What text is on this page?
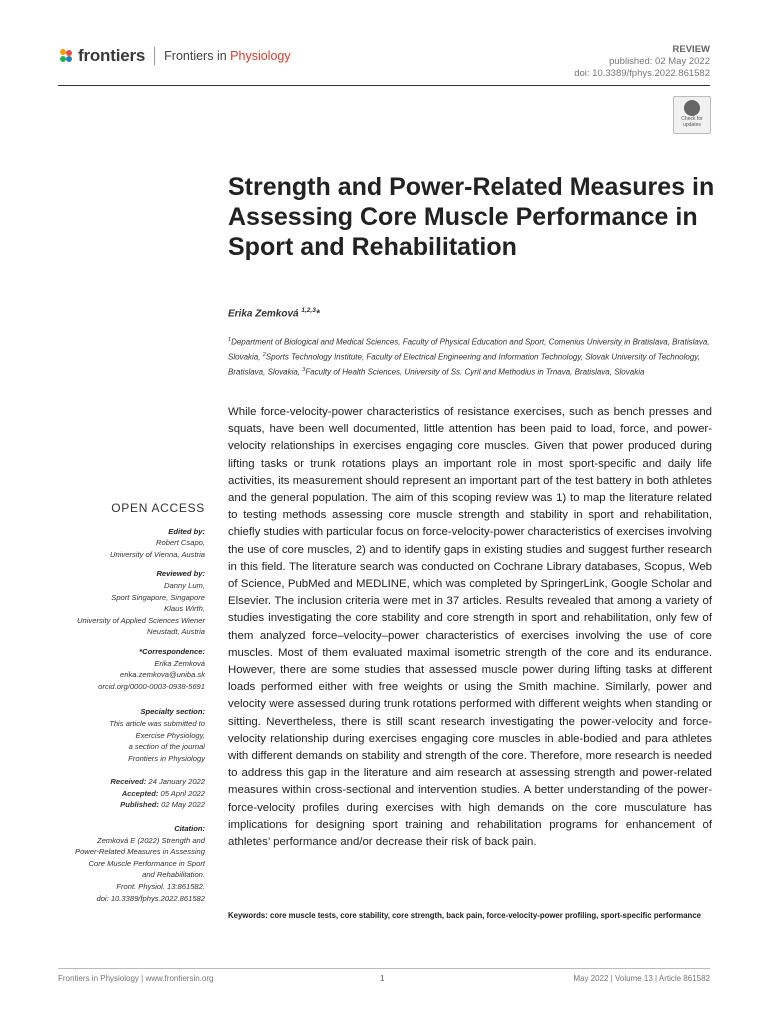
frontiers Frontiers in Physiology	REVIEW
published: 02 May 2022
doi: 10.3389/fphys.2022.861582
Check for updates
Strength and Power-Related Measures in Assessing Core Muscle Performance in Sport and Rehabilitation
Erika Zemková $^{1,2,3}$*
$^1$Department of Biological and Medical Sciences, Faculty of Physical Education and Sport, Comenius University in Bratislava, Bratislava, Slovakia, $^2$Sports Technology Institute, Faculty of Electrical Engineering and Information Technology, Slovak University of Technology, Bratislava, Slovakia, $^3$Faculty of Health Sciences, University of Ss. Cyril and Methodius in Trnava, Bratislava, Slovakia
While force-velocity-power characteristics of resistance exercises, such as bench presses and squats, have been well documented, little attention has been paid to load, force, and power-velocity relationships in exercises engaging core muscles. Given that power produced during lifting tasks or trunk rotations plays an important role in most sport-specific and daily life activities, its measurement should represent an important part of the test battery in both athletes and the general population. The aim of this scoping review was 1) to map the literature related to testing methods assessing core muscle strength and stability in sport and rehabilitation, chiefly studies with particular focus on force-velocity-power characteristics of exercises involving the use of core muscles, 2) and to identify gaps in existing studies and suggest further research in this field. The literature search was conducted on Cochrane Library databases, Scopus, Web of Science, PubMed and MEDLINE, which was completed by SpringerLink, Google Scholar and Elsevier. The inclusion criteria were met in 37 articles. Results revealed that among a variety of studies investigating the core stability and core strength in sport and rehabilitation, only few of them analyzed force–velocity–power characteristics of exercises involving the use of core muscles. Most of them evaluated maximal isometric strength of the core and its endurance. However, there are some studies that assessed muscle power during lifting tasks at different loads performed either with free weights or using the Smith machine. Similarly, power and velocity were assessed during trunk rotations performed with different weights when standing or sitting. Nevertheless, there is still scant research investigating the power-velocity and force-velocity relationship during exercises engaging core muscles in able-bodied and para athletes with different demands on stability and strength of the core. Therefore, more research is needed to address this gap in the literature and aim research at assessing strength and power-related measures within cross-sectional and intervention studies. A better understanding of the power-force-velocity profiles during exercises with high demands on the core musculature has implications for designing sport training and rehabilitation programs for enhancement of athletes’ performance and/or decrease their risk of back pain.
Keywords: core muscle tests, core stability, core strength, back pain, force-velocity-power profiling, sport-specific performance
OPEN ACCESS
Edited by:
Robert Csapo,
University of Vienna, Austria
Reviewed by:
Danny Lum,
Sport Singapore, Singapore
Klaus Wirth,
University of Applied Sciences Wiener
Neustadt, Austria
*Correspondence:
Erika Zemková
erika.zemkova@uniba.sk
orcid.org/0000-0003-0938-5691
Specialty section:
This article was submitted to
Exercise Physiology,
a section of the journal
Frontiers in Physiology
Received: 24 January 2022
Accepted: 05 April 2022
Published: 02 May 2022
Citation:
Zemková E (2022) Strength and
Power-Related Measures in Assessing
Core Muscle Performance in Sport
and Rehabilitation.
Front. Physiol. 13:861582.
doi: 10.3389/fphys.2022.861582
Frontiers in Physiology | www.frontiersin.org	1	May 2022 | Volume 13 | Article 861582
